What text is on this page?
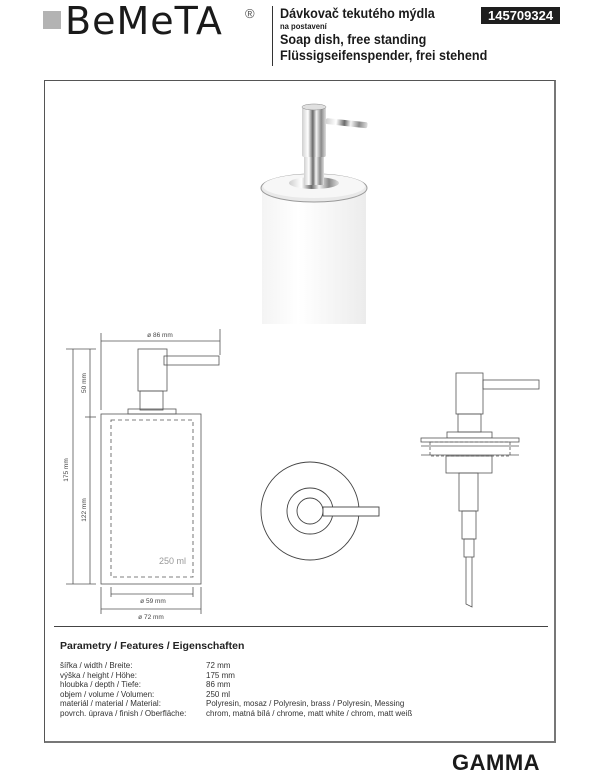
BeMeTA ® Dávkovač tekutého mýdla
na postavení
Soap dish, free standing
Flüssigseifenspender, frei stehend
145709324
ø 86 mm
50 mm
175 mm
122 mm
250 ml
ø 59 mm
ø 72 mm
Parametry / Features / Eigenschaften
šířka / width / Breite:	72 mm
výška / height / Höhe:	175 mm
hloubka / depth / Tiefe:	86 mm
objem / volume / Volumen:	250 ml
materiál / material / Material:	Polyresin, mosaz / Polyresin, brass / Polyresin, Messing
povrch. úprava / finish / Oberfläche:	chrom, matná bílá / chrome, matt white / chrom, matt weiß
GAMMA
